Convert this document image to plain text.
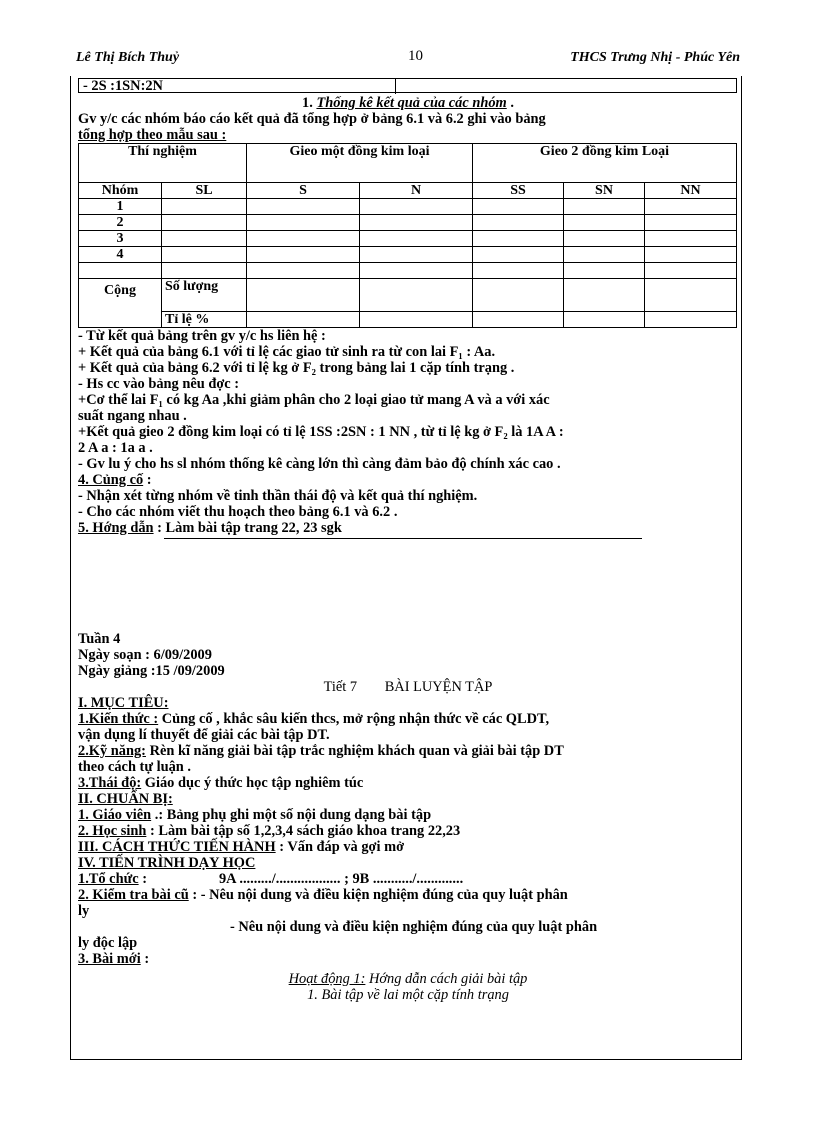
Lê Thị Bích Thuỷ	10	THCS Trưng Nhị - Phúc Yên
- 2S :1SN:2N

1. Thống kê kết quả của các nhóm .

Gv y/c các nhóm báo cáo kết quả đã tổng hợp ở bảng 6.1 và 6.2 ghi vào bảng

tổng hợp theo mẫu sau :

Thí nghiệm		Gieo một đồng kim loại		Gieo 2 đồng kim Loại		
Nhóm	SL	S	N	SS	SN	NN
1						
2						
3						
4						

Cộng	Số lượng					
	Tỉ lệ %					

- Từ kết quả bảng trên gv y/c hs liên hệ :

+ Kết quả của bảng 6.1 với tỉ lệ các giao tử sinh ra từ con lai F₁ : Aa.

+ Kết quả của bảng 6.2 với tỉ lệ kg ở F₂ trong bảng lai 1 cặp tính trạng .

- Hs cc vào bảng nêu đợc :

+Cơ thể lai F₁ có kg Aa ,khi giảm phân cho 2 loại giao tử mang A và a với xác

suất ngang nhau .

+Kết quả gieo 2 đồng kim loại có tỉ lệ 1SS :2SN : 1 NN , từ tỉ lệ kg ở F₂ là 1A A :

2 A a : 1a a .

- Gv lu ý cho hs sl nhóm thống kê càng lớn thì càng đảm bảo độ chính xác cao .

4. Củng cố :

- Nhận xét từng nhóm về tinh thần thái độ và kết quả thí nghiệm.

- Cho các nhóm viết thu hoạch theo bảng 6.1 và 6.2 .

5. Hớng dẫn : Làm bài tập trang 22, 23 sgk

Tuần 4

Ngày soạn : 6/09/2009

Ngày giảng :15 /09/2009

Tiết 7 BÀI LUYỆN TẬP

I. MỤC TIÊU:

1.Kiến thức : Củng cố , khắc sâu kiến thcs, mở rộng nhận thức về các QLDT,

vận dụng lí thuyết để giải các bài tập DT.

2.Kỹ năng: Rèn kĩ năng giải bài tập trắc nghiệm khách quan và giải bài tập DT

theo cách tự luận .

3.Thái độ: Giáo dục ý thức học tập nghiêm túc

II. CHUẨN BỊ:

1. Giáo viên .: Bảng phụ ghi một số nội dung dạng bài tập

2. Học sinh : Làm bài tập số 1,2,3,4 sách giáo khoa trang 22,23

III. CÁCH THỨC TIẾN HÀNH : Vấn đáp và gợi mở

IV. TIẾN TRÌNH DẠY HỌC

1.Tổ chức :                    9A ........./.................. ; 9B .........../.............

2. Kiểm tra bài cũ : - Nêu nội dung và điều kiện nghiệm đúng của quy luật phân

ly

- Nêu nội dung và điều kiện nghiệm đúng của quy luật phân

ly độc lập

3. Bài mới :

Hoạt động 1: Hớng dẫn cách giải bài tập

1. Bài tập về lai một cặp tính trạng
